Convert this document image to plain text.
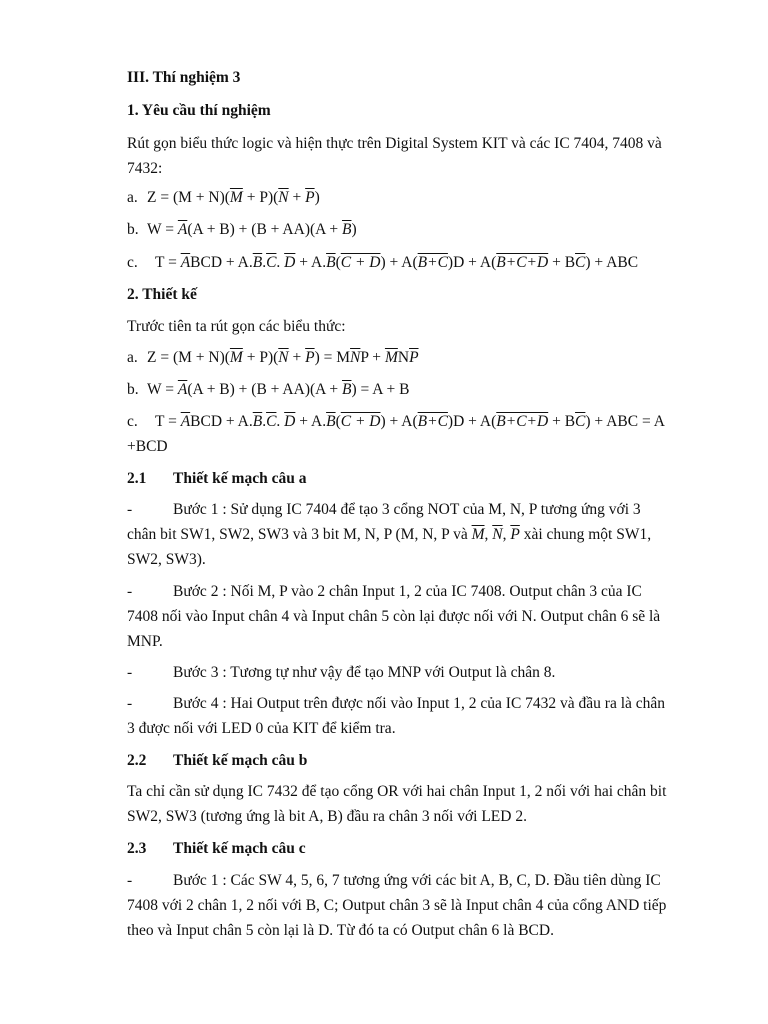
III. Thí nghiệm 3
1. Yêu cầu thí nghiệm
Rút gọn biểu thức logic và hiện thực trên Digital System KIT và các IC 7404, 7408 và
7432:
a. $Z = (M + N)(\overline{M} + P)(\overline{N} + \overline{P})$
b. $W = \overline{A}(A + B) + (B + AA)(A + \overline{B})$
c. $T = \overline{A}BCD + A.\overline{B}.\overline{C}$. $\overline{D} + A.\overline{B}(C + D) + A(B+C)D + A(B+C+D + B\overline{C})$ + ABC
2. Thiết kế
Trước tiên ta rút gọn các biểu thức:
a. $Z = (M + N)(\overline{M} + P)(\overline{N} + \overline{P}) = M\overline{N}P + \overline{M}N\overline{P}$
b. $W = \overline{A}(A + B) + (B + AA)(A + \overline{B}) = A + B$
c. $T = \overline{A}BCD + A.\overline{B}.\overline{C}$. $\overline{D} + A.\overline{B}(C + D) + A(B+C)D + A(B+C+D + B\overline{C})$ + ABC = A
+BCD
2.1 Thiết kế mạch câu a
-	Bước 1 : Sử dụng IC 7404 để tạo 3 cổng NOT của M, N, P tương ứng với 3
chân bit SW1, SW2, SW3 và 3 bit M, N, P (M, N, P và $\overline{M}$, $\overline{N}$, $\overline{P}$ xài chung một SW1,
SW2, SW3).
-	Bước 2 : Nối M, P vào 2 chân Input 1, 2 của IC 7408. Output chân 3 của IC
7408 nối vào Input chân 4 và Input chân 5 còn lại được nối với N. Output chân 6 sẽ là
MNP.
-	Bước 3 : Tương tự như vậy để tạo MNP với Output là chân 8.
-	Bước 4 : Hai Output trên được nối vào Input 1, 2 của IC 7432 và đầu ra là chân
3 được nối với LED 0 của KIT để kiểm tra.
2.2 Thiết kế mạch câu b
Ta chỉ cần sử dụng IC 7432 để tạo cổng OR với hai chân Input 1, 2 nối với hai chân bit
SW2, SW3 (tương ứng là bit A, B) đầu ra chân 3 nối với LED 2.
2.3 Thiết kế mạch câu c
-	Bước 1 : Các SW 4, 5, 6, 7 tương ứng với các bit A, B, C, D. Đầu tiên dùng IC
7408 với 2 chân 1, 2 nối với B, C; Output chân 3 sẽ là Input chân 4 của cổng AND tiếp
theo và Input chân 5 còn lại là D. Từ đó ta có Output chân 6 là BCD.
